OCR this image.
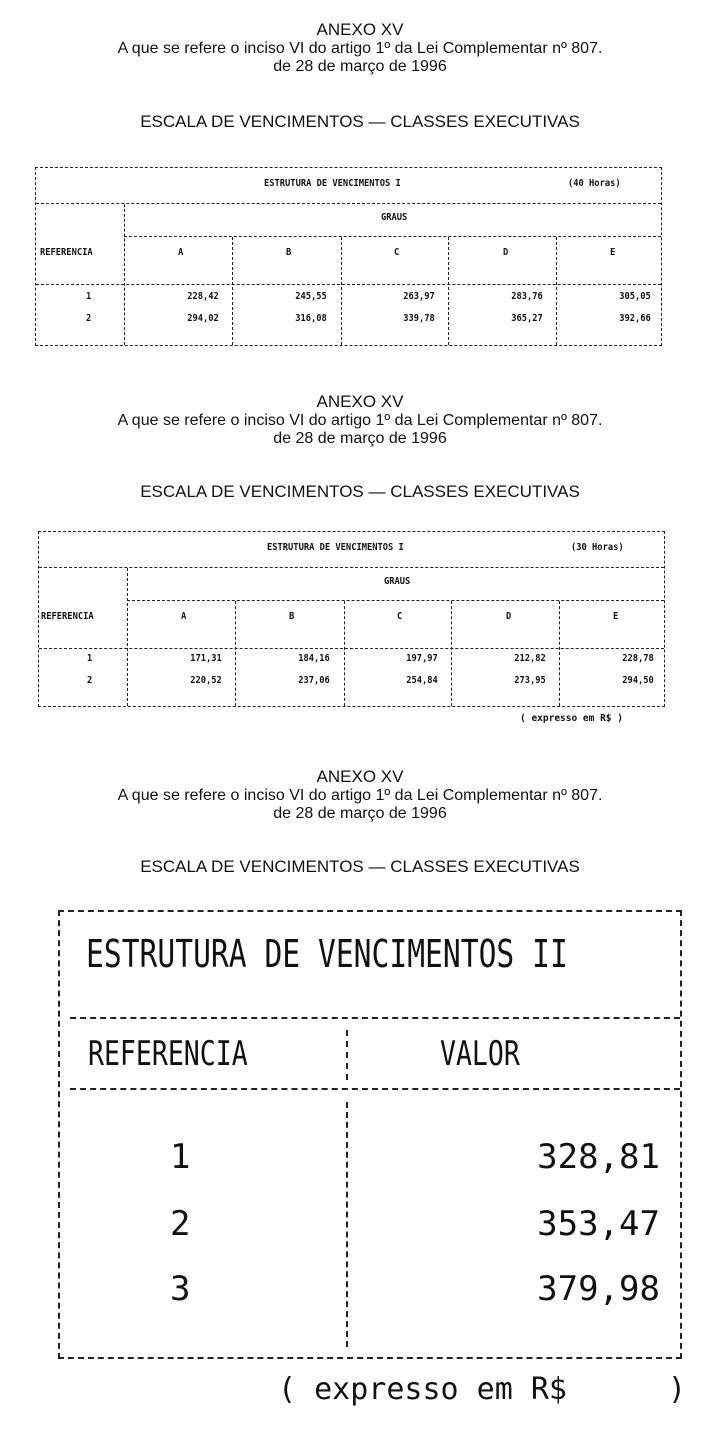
ANEXO XV
A que se refere o inciso VI do artigo 1º da Lei Complementar nº 807.
de 28 de março de 1996
ESCALA DE VENCIMENTOS — CLASSES EXECUTIVAS
ESTRUTURA DE VENCIMENTOS I	(40 Horas)
GRAUS
REFERENCIA	A	B	C	D	E
1	228,42	245,55	263,97	283,76	305,05
2	294,02	316,08	339,78	365,27	392,66
ANEXO XV
A que se refere o inciso VI do artigo 1º da Lei Complementar nº 807.
de 28 de março de 1996
ESCALA DE VENCIMENTOS — CLASSES EXECUTIVAS
ESTRUTURA DE VENCIMENTOS I	(30 Horas)
GRAUS
REFERENCIA	A	B	C	D	E
1	171,31	184,16	197,97	212,82	228,78
2	220,52	237,06	254,84	273,95	294,50
( expresso em R$ )
ANEXO XV
A que se refere o inciso VI do artigo 1º da Lei Complementar nº 807.
de 28 de março de 1996
ESCALA DE VENCIMENTOS — CLASSES EXECUTIVAS
ESTRUTURA DE VENCIMENTOS II
REFERENCIA	VALOR
1	328,81
2	353,47
3	379,98
( expresso em R$	)
